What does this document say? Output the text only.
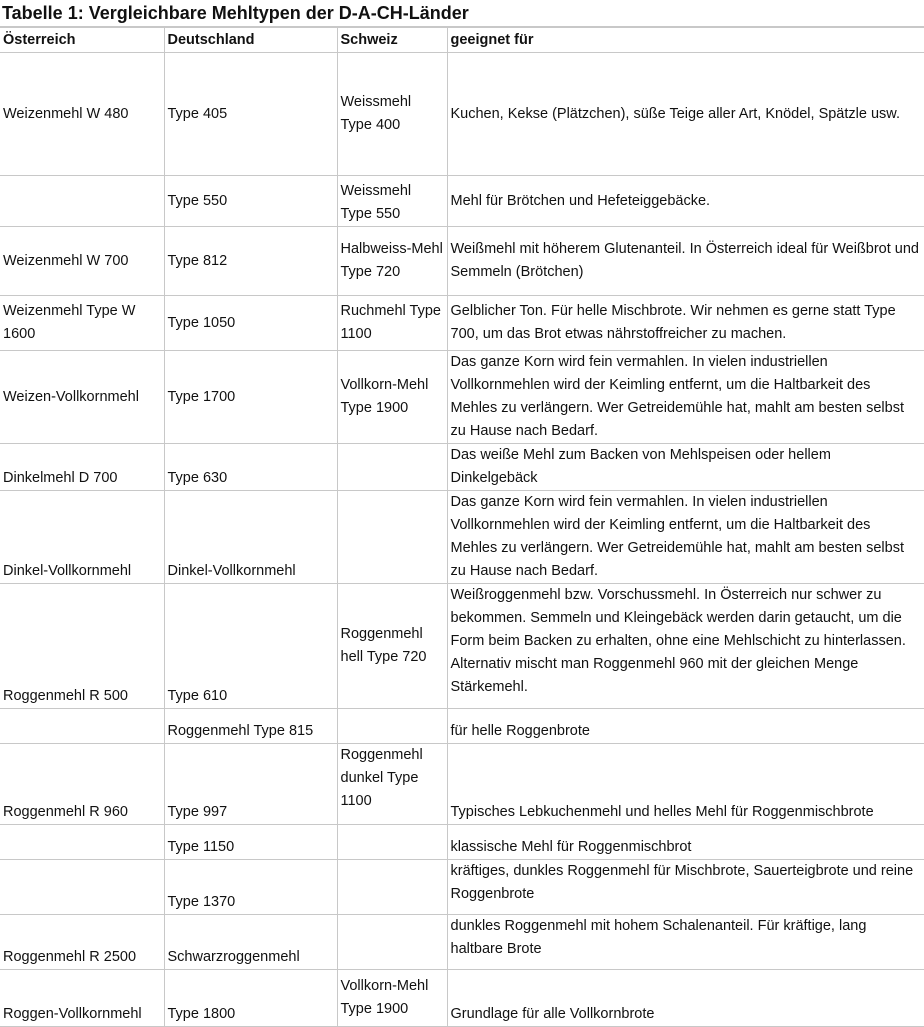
Tabelle 1: Vergleichbare Mehltypen der D-A-CH-Länder
Österreich	Deutschland	Schweiz	geeignet für
Weizenmehl W 480	Type 405	Weissmehl Type 400	Kuchen, Kekse (Plätzchen), süße Teige aller Art, Knödel, Spätzle usw.
	Type 550	Weissmehl Type 550	Mehl für Brötchen und Hefeteiggebäcke.
Weizenmehl W 700	Type 812	Halbweiss-Mehl Type 720	Weißmehl mit höherem Glutenanteil. In Österreich ideal für Weißbrot und Semmeln (Brötchen)
Weizenmehl Type W 1600	Type 1050	Ruchmehl Type 1100	Gelblicher Ton. Für helle Mischbrote. Wir nehmen es gerne statt Type 700, um das Brot etwas nährstoffreicher zu machen.
Weizen-Vollkornmehl	Type 1700	Vollkorn-Mehl Type 1900	Das ganze Korn wird fein vermahlen. In vielen industriellen Vollkornmehlen wird der Keimling entfernt, um die Haltbarkeit des Mehles zu verlängern. Wer Getreidemühle hat, mahlt am besten selbst zu Hause nach Bedarf.
Dinkelmehl D 700	Type 630		Das weiße Mehl zum Backen von Mehlspeisen oder hellem Dinkelgebäck
Dinkel-Vollkornmehl	Dinkel-Vollkornmehl		Das ganze Korn wird fein vermahlen. In vielen industriellen Vollkornmehlen wird der Keimling entfernt, um die Haltbarkeit des Mehles zu verlängern. Wer Getreidemühle hat, mahlt am besten selbst zu Hause nach Bedarf.
Roggenmehl R 500	Type 610	Roggenmehl hell Type 720	Weißroggenmehl bzw. Vorschussmehl. In Österreich nur schwer zu bekommen. Semmeln und Kleingebäck werden darin getaucht, um die Form beim Backen zu erhalten, ohne eine Mehlschicht zu hinterlassen. Alternativ mischt man Roggenmehl 960 mit der gleichen Menge Stärkemehl.
	Roggenmehl Type 815		für helle Roggenbrote
Roggenmehl R 960	Type 997	Roggenmehl dunkel Type 1100	Typisches Lebkuchenmehl und helles Mehl für Roggenmischbrote
	Type 1150		klassische Mehl für Roggenmischbrot
	Type 1370		kräftiges, dunkles Roggenmehl für Mischbrote, Sauerteigbrote und reine Roggenbrote
Roggenmehl R 2500	Schwarzroggenmehl		dunkles Roggenmehl mit hohem Schalenanteil. Für kräftige, lang haltbare Brote
Roggen-Vollkornmehl	Type 1800	Vollkorn-Mehl Type 1900	Grundlage für alle Vollkornbrote
